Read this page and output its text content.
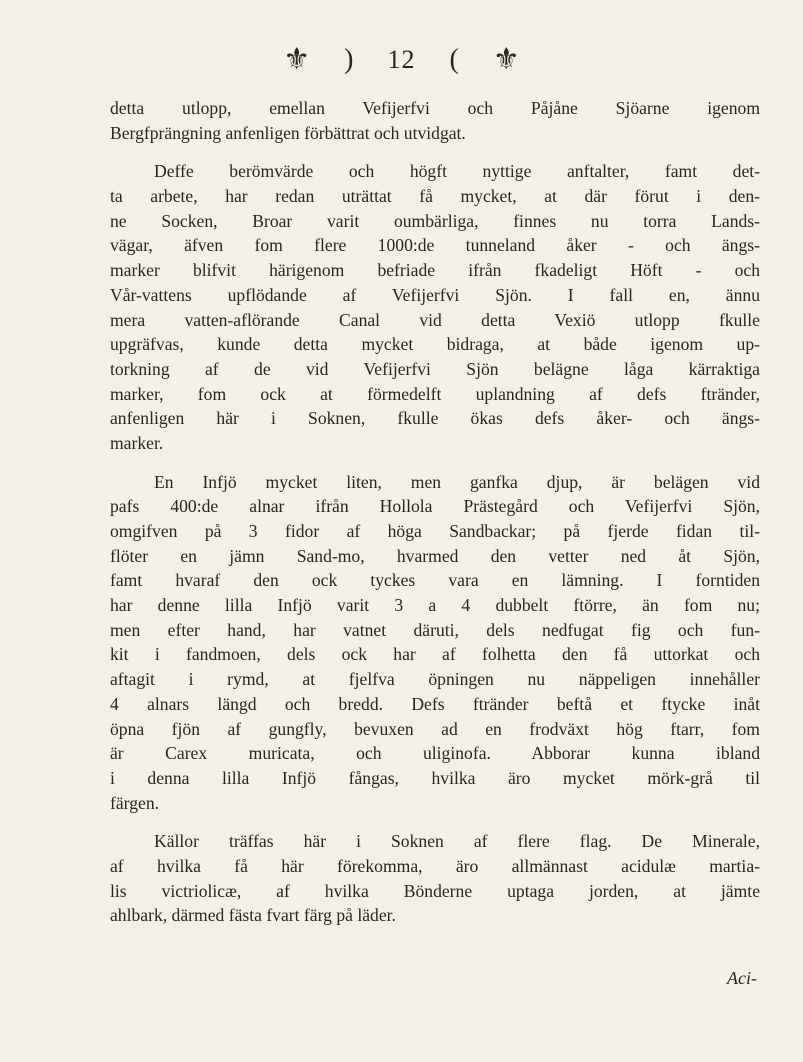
⚜ ) 12 ( ⚜
detta utlopp, emellan Vefijerfvi och Påjåne Sjöarne igenom
Bergfprängning anfenligen förbättrat och utvidgat.
Deffe berömvärde och högft nyttige anftalter, famt det-
ta arbete, har redan uträttat få mycket, at där förut i den-
ne Socken, Broar varit oumbärliga, finnes nu torra Lands-
vägar, äfven fom flere 1000:de tunneland åker - och ängs-
marker blifvit härigenom befriade ifrån fkadeligt Höft - och
Vår-vattens upflödande af Vefijerfvi Sjön. I fall en, ännu
mera vatten-aflörande Canal vid detta Vexiö utlopp fkulle
upgräfvas, kunde detta mycket bidraga, at både igenom up-
torkning af de vid Vefijerfvi Sjön belägne låga kärraktiga
marker, fom ock at förmedelft uplandning af defs ftränder,
anfenligen här i Soknen, fkulle ökas defs åker- och ängs-
marker.
En Infjö mycket liten, men ganfka djup, är belägen vid
pafs 400:de alnar ifrån Hollola Prästegård och Vefijerfvi Sjön,
omgifven på 3 fidor af höga Sandbackar; på fjerde fidan til-
flöter en jämn Sand-mo, hvarmed den vetter ned åt Sjön,
famt hvaraf den ock tyckes vara en lämning. I forntiden
har denne lilla Infjö varit 3 a 4 dubbelt ftörre, än fom nu;
men efter hand, har vatnet däruti, dels nedfugat fig och fun-
kit i fandmoen, dels ock har af folhetta den få uttorkat och
aftagit i rymd, at fjelfva öpningen nu näppeligen innehåller
4 alnars längd och bredd. Defs ftränder beftå et ftycke inåt
öpna fjön af gungfly, bevuxen ad en frodväxt hög ftarr, fom
är Carex muricata, och uliginofa. Abborar kunna ibland
i denna lilla Infjö fångas, hvilka äro mycket mörk-grå til
färgen.
Källor träffas här i Soknen af flere flag. De Minerale,
af hvilka få här förekomma, äro allmännast acidulæ martia-
lis victriolicæ, af hvilka Bönderne uptaga jorden, at jämte
ahlbark, därmed fästa fvart färg på läder.
Aci-
